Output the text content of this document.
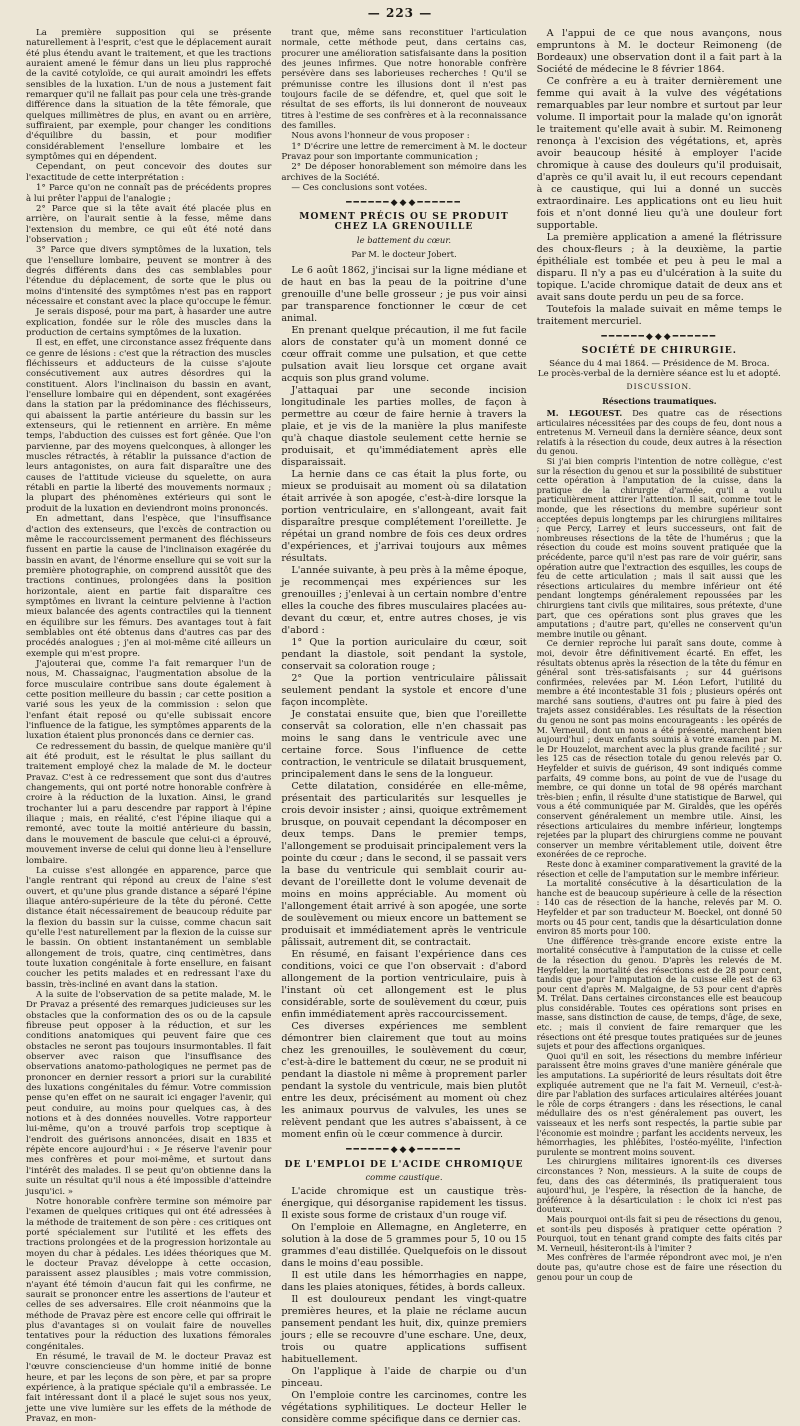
— 223 —

La première supposition qui se présente naturellement à l'esprit, c'est que le déplacement aurait été plus étendu avant le traitement, et que les tractions auraient amené le fémur dans un lieu plus rapproché de la cavité cotyloïde, ce qui aurait amoindri les effets sensibles de la luxation. L'un de nous a justement fait remarquer qu'il ne fallait pas pour cela une très-grande différence dans la situation de la tête fémorale, que quelques millimètres de plus, en avant ou en arrière, suffiraient, par exemple, pour changer les conditions d'équilibre du bassin, et pour modifier considérablement l'ensellure lombaire et les symptômes qui en dépendent.

Cependant, on peut concevoir des doutes sur l'exactitude de cette interprétation :

1° Parce qu'on ne connaît pas de précédents propres à lui prêter l'appui de l'analogie ;

2° Parce que si la tête avait été placée plus en arrière, on l'aurait sentie à la fesse, même dans l'extension du membre, ce qui eût été noté dans l'observation ;

3° Parce que divers symptômes de la luxation, tels que l'ensellure lombaire, peuvent se montrer à des degrés différents dans des cas semblables pour l'étendue du déplacement, de sorte que le plus ou moins d'intensité des symptômes n'est pas en rapport nécessaire et constant avec la place qu'occupe le fémur.

Je serais disposé, pour ma part, à hasarder une autre explication, fondée sur le rôle des muscles dans la production de certains symptômes de la luxation.

Il est, en effet, une circonstance assez fréquente dans ce genre de lésions : c'est que la rétraction des muscles fléchisseurs et adducteurs de la cuisse s'ajoute consécutivement aux autres désordres qui la constituent. Alors l'inclinaison du bassin en avant, l'ensellure lombaire qui en dépendent, sont exagérées dans la station par la prédominance des fléchisseurs, qui abaissent la partie antérieure du bassin sur les extenseurs, qui le retiennent en arrière. En même temps, l'abduction des cuisses est fort gênée. Que l'on parvienne, par des moyens quelconques, à allonger les muscles rétractés, à rétablir la puissance d'action de leurs antagonistes, on aura fait disparaître une des causes de l'attitude vicieuse du squelette, on aura rétabli en partie la liberté des mouvements normaux ; la plupart des phénomènes extérieurs qui sont le produit de la luxation en deviendront moins prononcés.

En admettant, dans l'espèce, que l'insuffisance d'action des extenseurs, que l'excès de contraction ou même le raccourcissement permanent des fléchisseurs fussent en partie la cause de l'inclinaison exagérée du bassin en avant, de l'énorme ensellure qui se voit sur la première photographie, on comprend aussitôt que des tractions continues, prolongées dans la position horizontale, aient en partie fait disparaître ces symptômes en livrant la ceinture pelvienne à l'action mieux balancée des agents contractiles qui la tiennent en équilibre sur les fémurs. Des avantages tout à fait semblables ont été obtenus dans d'autres cas par des procédés analogues ; j'en ai moi-même cité ailleurs un exemple qui m'est propre.

J'ajouterai que, comme l'a fait remarquer l'un de nous, M. Chassaignac, l'augmentation absolue de la force musculaire contribue sans doute également à cette position meilleure du bassin ; car cette position a varié sous les yeux de la commission : selon que l'enfant était reposé ou qu'elle subissait encore l'influence de la fatigue, les symptômes apparents de la luxation étaient plus prononcés dans ce dernier cas.

Ce redressement du bassin, de quelque manière qu'il ait été produit, est le résultat le plus saillant du traitement employé chez la malade de M. le docteur Pravaz. C'est à ce redressement que sont dus d'autres changements, qui ont porté notre honorable confrère à croire à la réduction de la luxation. Ainsi, le grand trochanter lui a paru descendre par rapport à l'épine iliaque ; mais, en réalité, c'est l'épine iliaque qui a remonté, avec toute la moitié antérieure du bassin, dans le mouvement de bascule que celui-ci a éprouvé, mouvement inverse de celui qui donne lieu à l'ensellure lombaire.

La cuisse s'est allongée en apparence, parce que l'angle rentrant qui répond au creux de l'aine s'est ouvert, et qu'une plus grande distance a séparé l'épine iliaque antéro-supérieure de la tête du péroné. Cette distance était nécessairement de beaucoup réduite par la flexion du bassin sur la cuisse, comme chacun sait qu'elle l'est naturellement par la flexion de la cuisse sur le bassin. On obtient instantanément un semblable allongement de trois, quatre, cinq centimètres, dans toute luxation congénitale à forte ensellure, en faisant coucher les petits malades et en redressant l'axe du bassin, très-incliné en avant dans la station.

A la suite de l'observation de sa petite malade, M. le Dr Pravaz a présenté des remarques judicieuses sur les obstacles que la conformation des os ou de la capsule fibreuse peut opposer à la réduction, et sur les conditions anatomiques qui peuvent faire que ces obstacles ne seront pas toujours insurmontables. Il fait observer avec raison que l'insuffisance des observations anatomo-pathologiques ne permet pas de prononcer en dernier ressort a priori sur la curabilité des luxations congénitales du fémur. Votre commission pense qu'en effet on ne saurait ici engager l'avenir, qui peut conduire, au moins pour quelques cas, à des notions et à des données nouvelles. Votre rapporteur lui-même, qu'on a trouvé parfois trop sceptique à l'endroit des guérisons annoncées, disait en 1835 et répète encore aujourd'hui : « Je réserve l'avenir pour mes confrères et pour moi-même, et surtout dans l'intérêt des malades. Il se peut qu'on obtienne dans la suite un résultat qu'il nous a été impossible d'atteindre jusqu'ici. »

Notre honorable confrère termine son mémoire par l'examen de quelques critiques qui ont été adressées à la méthode de traitement de son père : ces critiques ont porté spécialement sur l'utilité et les effets des tractions prolongées et de la progression horizontale au moyen du char à pédales. Les idées théoriques que M. le docteur Pravaz développe à cette occasion, paraissent assez plausibles ; mais votre commission, n'ayant été témoin d'aucun fait qui les confirme, ne saurait se prononcer entre les assertions de l'auteur et celles de ses adversaires. Elle croit néanmoins que la méthode de Pravaz père est encore celle qui offrirait le plus d'avantages si on voulait faire de nouvelles tentatives pour la réduction des luxations fémorales congénitales.

En résumé, le travail de M. le docteur Pravaz est l'œuvre consciencieuse d'un homme initié de bonne heure, et par les leçons de son père, et par sa propre expérience, à la pratique spéciale qu'il a embrassée. Le fait intéressant dont il a placé le sujet sous nos yeux, jette une vive lumière sur les effets de la méthode de Pravaz, en mon-

trant que, même sans reconstituer l'articulation normale, cette méthode peut, dans certains cas, procurer une amélioration satisfaisante dans la position des jeunes infirmes. Que notre honorable confrère persévère dans ses laborieuses recherches ! Qu'il se prémunisse contre les illusions dont il n'est pas toujours facile de se défendre, et, quel que soit le résultat de ses efforts, ils lui donneront de nouveaux titres à l'estime de ses confrères et à la reconnaissance des familles.

Nous avons l'honneur de vous proposer :

1° D'écrire une lettre de remerciment à M. le docteur Pravaz pour son importante communication ;

2° De déposer honorablement son mémoire dans les archives de la Société.

— Ces conclusions sont votées.

━━━━━━◆◆◆━━━━━━
MOMENT PRÉCIS OU SE PRODUIT CHEZ LA GRENOUILLE
le battement du cœur.
Par M. le docteur Jobert.

Le 6 août 1862, j'incisai sur la ligne médiane et de haut en bas la peau de la poitrine d'une grenouille d'une belle grosseur ; je pus voir ainsi par transparence fonctionner le cœur de cet animal.

En prenant quelque précaution, il me fut facile alors de constater qu'à un moment donné ce cœur offrait comme une pulsation, et que cette pulsation avait lieu lorsque cet organe avait acquis son plus grand volume.

J'attaquai par une seconde incision longitudinale les parties molles, de façon à permettre au cœur de faire hernie à travers la plaie, et je vis de la manière la plus manifeste qu'à chaque diastole seulement cette hernie se produisait, et qu'immédiatement après elle disparaissait.

La hernie dans ce cas était la plus forte, ou mieux se produisait au moment où sa dilatation était arrivée à son apogée, c'est-à-dire lorsque la portion ventriculaire, en s'allongeant, avait fait disparaître presque complétement l'oreillette. Je répétai un grand nombre de fois ces deux ordres d'expériences, et j'arrivai toujours aux mêmes résultats.

L'année suivante, à peu près à la même époque, je recommençai mes expériences sur les grenouilles ; j'enlevai à un certain nombre d'entre elles la couche des fibres musculaires placées au-devant du cœur, et, entre autres choses, je vis d'abord :

1° Que la portion auriculaire du cœur, soit pendant la diastole, soit pendant la systole, conservait sa coloration rouge ;

2° Que la portion ventriculaire pâlissait seulement pendant la systole et encore d'une façon incomplète.

Je constatai ensuite que, bien que l'oreillette conservât sa coloration, elle n'en chassait pas moins le sang dans le ventricule avec une certaine force. Sous l'influence de cette contraction, le ventricule se dilatait brusquement, principalement dans le sens de la longueur.

Cette dilatation, considérée en elle-même, présentait des particularités sur lesquelles je crois devoir insister ; ainsi, quoique extrêmement brusque, on pouvait cependant la décomposer en deux temps. Dans le premier temps, l'allongement se produisait principalement vers la pointe du cœur ; dans le second, il se passait vers la base du ventricule qui semblait courir au-devant de l'oreillette dont le volume devenait de moins en moins appréciable. Au moment où l'allongement était arrivé à son apogée, une sorte de soulèvement ou mieux encore un battement se produisait et immédiatement après le ventricule pâlissait, autrement dit, se contractait.

En résumé, en faisant l'expérience dans ces conditions, voici ce que l'on observait : d'abord allongement de la portion ventriculaire, puis à l'instant où cet allongement est le plus considérable, sorte de soulèvement du cœur, puis enfin immédiatement après raccourcissement.

Ces diverses expériences me semblent démontrer bien clairement que tout au moins chez les grenouilles, le soulèvement du cœur, c'est-à-dire le battement du cœur, ne se produit ni pendant la diastole ni même à proprement parler pendant la systole du ventricule, mais bien plutôt entre les deux, précisément au moment où chez les animaux pourvus de valvules, les unes se relèvent pendant que les autres s'abaissent, à ce moment enfin où le cœur commence à durcir.

━━━━━━◆◆◆━━━━━━
DE L'EMPLOI DE L'ACIDE CHROMIQUE
comme caustique.

L'acide chromique est un caustique très-énergique, qui désorganise rapidement les tissus. Il existe sous forme de cristaux d'un rouge vif.

On l'emploie en Allemagne, en Angleterre, en solution à la dose de 5 grammes pour 5, 10 ou 15 grammes d'eau distillée. Quelquefois on le dissout dans le moins d'eau possible.

Il est utile dans les hémorrhagies en nappe, dans les plaies atoniques, fétides, à bords calleux.

Il est douloureux pendant les vingt-quatre premières heures, et la plaie ne réclame aucun pansement pendant les huit, dix, quinze premiers jours ; elle se recouvre d'une eschare. Une, deux, trois ou quatre applications suffisent habituellement.

On l'applique à l'aide de charpie ou d'un pinceau.

On l'emploie contre les carcinomes, contre les végétations syphilitiques. Le docteur Heller le considère comme spécifique dans ce dernier cas.

A l'appui de ce que nous avançons, nous empruntons à M. le docteur Reimoneng (de Bordeaux) une observation dont il a fait part à la Société de médecine le 8 février 1864.

Ce confrère a eu à traiter dernièrement une femme qui avait à la vulve des végétations remarquables par leur nombre et surtout par leur volume. Il importait pour la malade qu'on ignorât le traitement qu'elle avait à subir. M. Reimoneng renonça à l'excision des végétations, et, après avoir beaucoup hésité à employer l'acide chromique à cause des douleurs qu'il produisait, d'après ce qu'il avait lu, il eut recours cependant à ce caustique, qui lui a donné un succès extraordinaire. Les applications ont eu lieu huit fois et n'ont donné lieu qu'à une douleur fort supportable.

La première application a amené la flétrissure des choux-fleurs ; à la deuxième, la partie épithéliale est tombée et peu à peu le mal a disparu. Il n'y a pas eu d'ulcération à la suite du topique. L'acide chromique datait de deux ans et avait sans doute perdu un peu de sa force.

Toutefois la malade suivait en même temps le traitement mercuriel.

━━━━━━◆◆◆━━━━━━
SOCIÉTÉ DE CHIRURGIE.

Séance du 4 mai 1864. — Présidence de M. Broca.

Le procès-verbal de la dernière séance est lu et adopté.

DISCUSSION.
Résections traumatiques.

M. LEGOUEST. Des quatre cas de résections articulaires nécessitées par des coups de feu, dont nous a entretenus M. Verneuil dans la dernière séance, deux sont relatifs à la résection du coude, deux autres à la résection du genou.

Si j'ai bien compris l'intention de notre collègue, c'est sur la résection du genou et sur la possibilité de substituer cette opération à l'amputation de la cuisse, dans la pratique de la chirurgie d'armée, qu'il a voulu particulièrement attirer l'attention. Il sait, comme tout le monde, que les résections du membre supérieur sont acceptées depuis longtemps par les chirurgiens militaires ; que Percy, Larrey et leurs successeurs, ont fait de nombreuses résections de la tête de l'humérus ; que la résection du coude est moins souvent pratiquée que la précédente, parce qu'il n'est pas rare de voir guérir, sans opération autre que l'extraction des esquilles, les coups de feu de cette articulation ; mais il sait aussi que les résections articulaires du membre inférieur ont été pendant longtemps généralement repoussées par les chirurgiens tant civils que militaires, sous prétexte, d'une part, que ces opérations sont plus graves que les amputations ; d'autre part, qu'elles ne conservent qu'un membre inutile ou gênant.

Ce dernier reproche lui paraît sans doute, comme à moi, devoir être définitivement écarté. En effet, les résultats obtenus après la résection de la tête du fémur en général sont très-satisfaisants ; sur 44 guérisons confirmées, relevées par M. Léon Lefort, l'utilité du membre a été incontestable 31 fois ; plusieurs opérés ont marché sans soutiens, d'autres ont pu faire à pied des trajets assez considérables. Les résultats de la résection du genou ne sont pas moins encourageants : les opérés de M. Verneuil, dont un nous a été présenté, marchent bien aujourd'hui ; deux enfants soumis à votre examen par M. le Dr Houzelot, marchent avec la plus grande facilité ; sur les 125 cas de résection totale du genou relevés par O. Heyfelder et suivis de guérison, 49 sont indiqués comme parfaits, 49 comme bons, au point de vue de l'usage du membre, ce qui donne un total de 98 opérés marchant très-bien ; enfin, il résulte d'une statistique de Barwel, qui vous a été communiquée par M. Giraldès, que les opérés conservent généralement un membre utile. Ainsi, les résections articulaires du membre inférieur, longtemps rejetées par la plupart des chirurgiens comme ne pouvant conserver un membre véritablement utile, doivent être exonérées de ce reproche.

Reste donc à examiner comparativement la gravité de la résection et celle de l'amputation sur le membre inférieur.

La mortalité consécutive à la désarticulation de la hanche est de beaucoup supérieure à celle de la résection : 140 cas de résection de la hanche, relevés par M. O. Heyfelder et par son traducteur M. Boeckel, ont donné 50 morts ou 45 pour cent, tandis que la désarticulation donne environ 85 morts pour 100.

Une différence très-grande encore existe entre la mortalité consécutive à l'amputation de la cuisse et celle de la résection du genou. D'après les relevés de M. Heyfelder, la mortalité des résections est de 28 pour cent, tandis que pour l'amputation de la cuisse elle est de 63 pour cent d'après M. Malgaigne, de 53 pour cent d'après M. Trélat. Dans certaines circonstances elle est beaucoup plus considérable. Toutes ces opérations sont prises en masse, sans distinction de cause, de temps, d'âge, de sexe, etc. ; mais il convient de faire remarquer que les résections ont été presque toutes pratiquées sur de jeunes sujets et pour des affections organiques.

Quoi qu'il en soit, les résections du membre inférieur paraissent être moins graves d'une manière générale que les amputations. La supériorité de leurs résultats doit être expliquée autrement que ne l'a fait M. Verneuil, c'est-à-dire par l'ablation des surfaces articulaires altérées jouant le rôle de corps étrangers : dans les résections, le canal médullaire des os n'est généralement pas ouvert, les vaisseaux et les nerfs sont respectés, la partie subie par l'économie est moindre ; parfant les accidents nerveux, les hémorrhagies, les phlébites, l'ostéo-myélite, l'infection purulente se montrent moins souvent.

Les chirurgiens militaires ignorent-ils ces diverses circonstances ? Non, messieurs. A la suite de coups de feu, dans des cas déterminés, ils pratiqueraient tous aujourd'hui, je l'espère, la résection de la hanche, de préférence à la désarticulation : le choix ici n'est pas douteux.

Mais pourquoi ont-ils fait si peu de résections du genou, et sont-ils peu disposés à pratiquer cette opération ? Pourquoi, tout en tenant grand compte des faits cités par M. Verneuil, hésiteront-ils à l'imiter ?

Mes confrères de l'armée répondront avec moi, je n'en doute pas, qu'autre chose est de faire une résection du genou pour un coup de
